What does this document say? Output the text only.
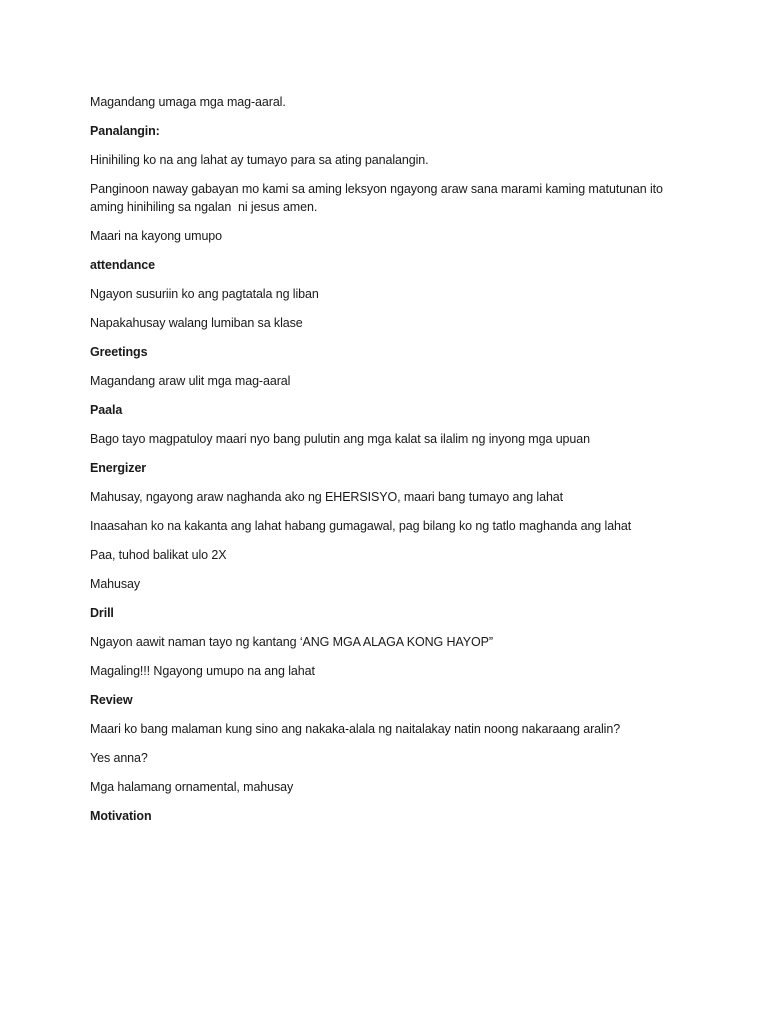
Magandang umaga mga mag-aaral.

Panalangin:

Hinihiling ko na ang lahat ay tumayo para sa ating panalangin.

Panginoon naway gabayan mo kami sa aming leksyon ngayong araw sana marami kaming matutunan ito aming hinihiling sa ngalan  ni jesus amen.

Maari na kayong umupo

attendance

Ngayon susuriin ko ang pagtatala ng liban

Napakahusay walang lumiban sa klase

Greetings

Magandang araw ulit mga mag-aaral

Paala

Bago tayo magpatuloy maari nyo bang pulutin ang mga kalat sa ilalim ng inyong mga upuan

Energizer

Mahusay, ngayong araw naghanda ako ng EHERSISYO, maari bang tumayo ang lahat

Inaasahan ko na kakanta ang lahat habang gumagawal, pag bilang ko ng tatlo maghanda ang lahat

Paa, tuhod balikat ulo 2X

Mahusay

Drill

Ngayon aawit naman tayo ng kantang ‘ANG MGA ALAGA KONG HAYOP”

Magaling!!! Ngayong umupo na ang lahat

Review

Maari ko bang malaman kung sino ang nakaka-alala ng naitalakay natin noong nakaraang aralin?

Yes anna?

Mga halamang ornamental, mahusay

Motivation
